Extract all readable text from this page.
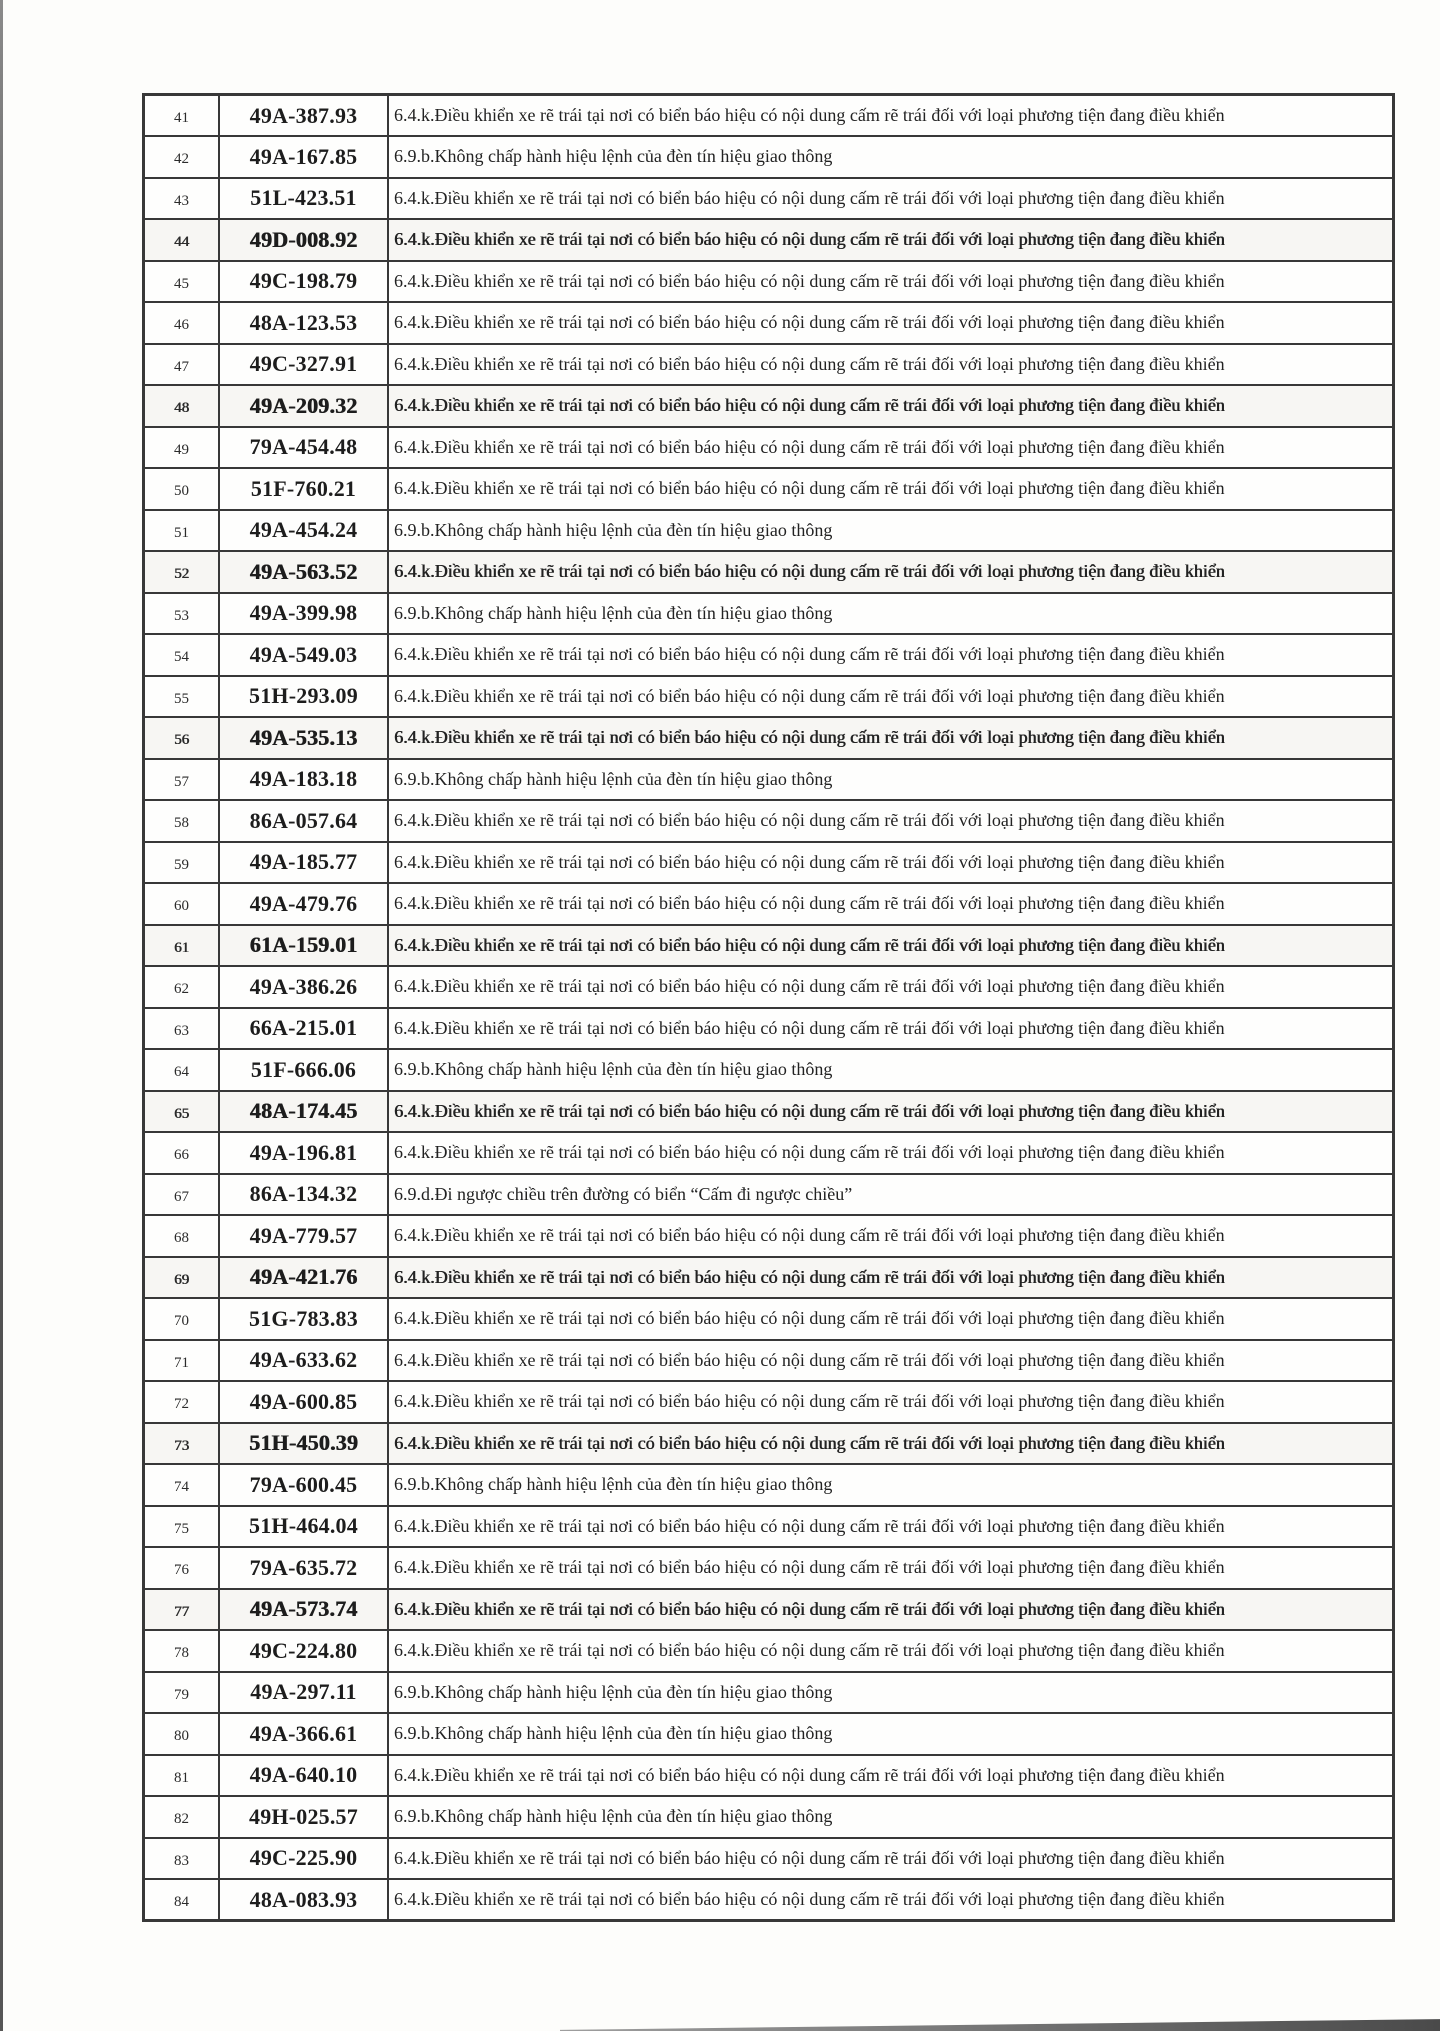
41	49A-387.93	6.4.k.Điều khiển xe rẽ trái tại nơi có biển báo hiệu có nội dung cấm rẽ trái đối với loại phương tiện đang điều khiển
42	49A-167.85	6.9.b.Không chấp hành hiệu lệnh của đèn tín hiệu giao thông
43	51L-423.51	6.4.k.Điều khiển xe rẽ trái tại nơi có biển báo hiệu có nội dung cấm rẽ trái đối với loại phương tiện đang điều khiển
44	49D-008.92	6.4.k.Điều khiển xe rẽ trái tại nơi có biển báo hiệu có nội dung cấm rẽ trái đối với loại phương tiện đang điều khiển
45	49C-198.79	6.4.k.Điều khiển xe rẽ trái tại nơi có biển báo hiệu có nội dung cấm rẽ trái đối với loại phương tiện đang điều khiển
46	48A-123.53	6.4.k.Điều khiển xe rẽ trái tại nơi có biển báo hiệu có nội dung cấm rẽ trái đối với loại phương tiện đang điều khiển
47	49C-327.91	6.4.k.Điều khiển xe rẽ trái tại nơi có biển báo hiệu có nội dung cấm rẽ trái đối với loại phương tiện đang điều khiển
48	49A-209.32	6.4.k.Điều khiển xe rẽ trái tại nơi có biển báo hiệu có nội dung cấm rẽ trái đối với loại phương tiện đang điều khiển
49	79A-454.48	6.4.k.Điều khiển xe rẽ trái tại nơi có biển báo hiệu có nội dung cấm rẽ trái đối với loại phương tiện đang điều khiển
50	51F-760.21	6.4.k.Điều khiển xe rẽ trái tại nơi có biển báo hiệu có nội dung cấm rẽ trái đối với loại phương tiện đang điều khiển
51	49A-454.24	6.9.b.Không chấp hành hiệu lệnh của đèn tín hiệu giao thông
52	49A-563.52	6.4.k.Điều khiển xe rẽ trái tại nơi có biển báo hiệu có nội dung cấm rẽ trái đối với loại phương tiện đang điều khiển
53	49A-399.98	6.9.b.Không chấp hành hiệu lệnh của đèn tín hiệu giao thông
54	49A-549.03	6.4.k.Điều khiển xe rẽ trái tại nơi có biển báo hiệu có nội dung cấm rẽ trái đối với loại phương tiện đang điều khiển
55	51H-293.09	6.4.k.Điều khiển xe rẽ trái tại nơi có biển báo hiệu có nội dung cấm rẽ trái đối với loại phương tiện đang điều khiển
56	49A-535.13	6.4.k.Điều khiển xe rẽ trái tại nơi có biển báo hiệu có nội dung cấm rẽ trái đối với loại phương tiện đang điều khiển
57	49A-183.18	6.9.b.Không chấp hành hiệu lệnh của đèn tín hiệu giao thông
58	86A-057.64	6.4.k.Điều khiển xe rẽ trái tại nơi có biển báo hiệu có nội dung cấm rẽ trái đối với loại phương tiện đang điều khiển
59	49A-185.77	6.4.k.Điều khiển xe rẽ trái tại nơi có biển báo hiệu có nội dung cấm rẽ trái đối với loại phương tiện đang điều khiển
60	49A-479.76	6.4.k.Điều khiển xe rẽ trái tại nơi có biển báo hiệu có nội dung cấm rẽ trái đối với loại phương tiện đang điều khiển
61	61A-159.01	6.4.k.Điều khiển xe rẽ trái tại nơi có biển báo hiệu có nội dung cấm rẽ trái đối với loại phương tiện đang điều khiển
62	49A-386.26	6.4.k.Điều khiển xe rẽ trái tại nơi có biển báo hiệu có nội dung cấm rẽ trái đối với loại phương tiện đang điều khiển
63	66A-215.01	6.4.k.Điều khiển xe rẽ trái tại nơi có biển báo hiệu có nội dung cấm rẽ trái đối với loại phương tiện đang điều khiển
64	51F-666.06	6.9.b.Không chấp hành hiệu lệnh của đèn tín hiệu giao thông
65	48A-174.45	6.4.k.Điều khiển xe rẽ trái tại nơi có biển báo hiệu có nội dung cấm rẽ trái đối với loại phương tiện đang điều khiển
66	49A-196.81	6.4.k.Điều khiển xe rẽ trái tại nơi có biển báo hiệu có nội dung cấm rẽ trái đối với loại phương tiện đang điều khiển
67	86A-134.32	6.9.d.Đi ngược chiều trên đường có biển “Cấm đi ngược chiều”
68	49A-779.57	6.4.k.Điều khiển xe rẽ trái tại nơi có biển báo hiệu có nội dung cấm rẽ trái đối với loại phương tiện đang điều khiển
69	49A-421.76	6.4.k.Điều khiển xe rẽ trái tại nơi có biển báo hiệu có nội dung cấm rẽ trái đối với loại phương tiện đang điều khiển
70	51G-783.83	6.4.k.Điều khiển xe rẽ trái tại nơi có biển báo hiệu có nội dung cấm rẽ trái đối với loại phương tiện đang điều khiển
71	49A-633.62	6.4.k.Điều khiển xe rẽ trái tại nơi có biển báo hiệu có nội dung cấm rẽ trái đối với loại phương tiện đang điều khiển
72	49A-600.85	6.4.k.Điều khiển xe rẽ trái tại nơi có biển báo hiệu có nội dung cấm rẽ trái đối với loại phương tiện đang điều khiển
73	51H-450.39	6.4.k.Điều khiển xe rẽ trái tại nơi có biển báo hiệu có nội dung cấm rẽ trái đối với loại phương tiện đang điều khiển
74	79A-600.45	6.9.b.Không chấp hành hiệu lệnh của đèn tín hiệu giao thông
75	51H-464.04	6.4.k.Điều khiển xe rẽ trái tại nơi có biển báo hiệu có nội dung cấm rẽ trái đối với loại phương tiện đang điều khiển
76	79A-635.72	6.4.k.Điều khiển xe rẽ trái tại nơi có biển báo hiệu có nội dung cấm rẽ trái đối với loại phương tiện đang điều khiển
77	49A-573.74	6.4.k.Điều khiển xe rẽ trái tại nơi có biển báo hiệu có nội dung cấm rẽ trái đối với loại phương tiện đang điều khiển
78	49C-224.80	6.4.k.Điều khiển xe rẽ trái tại nơi có biển báo hiệu có nội dung cấm rẽ trái đối với loại phương tiện đang điều khiển
79	49A-297.11	6.9.b.Không chấp hành hiệu lệnh của đèn tín hiệu giao thông
80	49A-366.61	6.9.b.Không chấp hành hiệu lệnh của đèn tín hiệu giao thông
81	49A-640.10	6.4.k.Điều khiển xe rẽ trái tại nơi có biển báo hiệu có nội dung cấm rẽ trái đối với loại phương tiện đang điều khiển
82	49H-025.57	6.9.b.Không chấp hành hiệu lệnh của đèn tín hiệu giao thông
83	49C-225.90	6.4.k.Điều khiển xe rẽ trái tại nơi có biển báo hiệu có nội dung cấm rẽ trái đối với loại phương tiện đang điều khiển
84	48A-083.93	6.4.k.Điều khiển xe rẽ trái tại nơi có biển báo hiệu có nội dung cấm rẽ trái đối với loại phương tiện đang điều khiển
